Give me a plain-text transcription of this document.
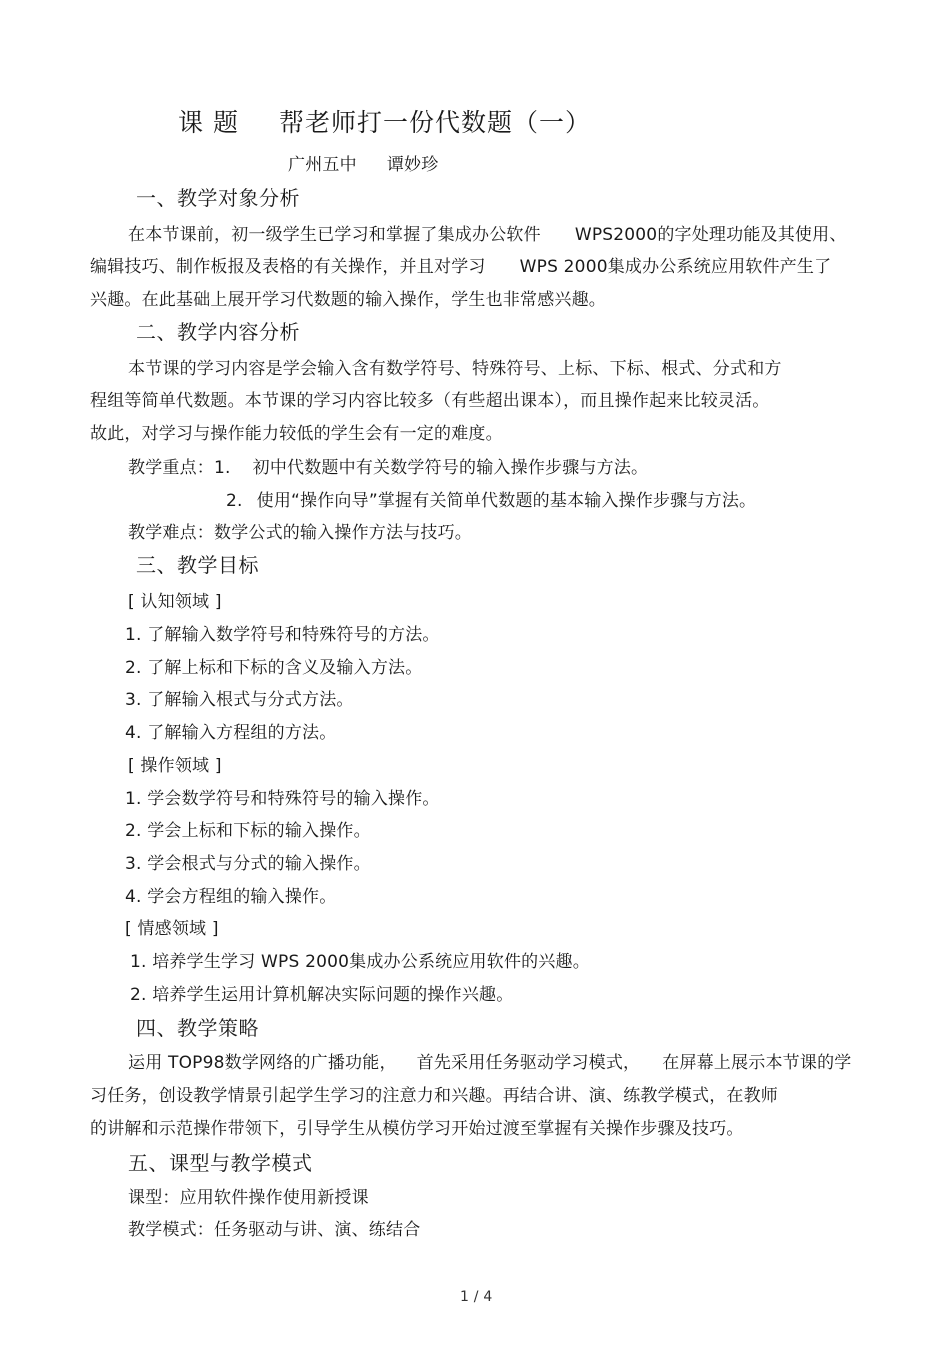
课 题 帮老师打一份代数题（一）
广州五中 谭妙珍
一、教学对象分析
在本节课前，初一级学生已学习和掌握了集成办公软件 WPS2000的字处理功能及其使用、
编辑技巧、制作板报及表格的有关操作，并且对学习 WPS 2000集成办公系统应用软件产生了
兴趣。在此基础上展开学习代数题的输入操作，学生也非常感兴趣。
二、教学内容分析
本节课的学习内容是学会输入含有数学符号、特殊符号、上标、下标、根式、分式和方
程组等简单代数题。本节课的学习内容比较多（有些超出课本），而且操作起来比较灵活。
故此，对学习与操作能力较低的学生会有一定的难度。
教学重点：1. 初中代数题中有关数学符号的输入操作步骤与方法。
2. 使用“操作向导”掌握有关简单代数题的基本输入操作步骤与方法。
教学难点：数学公式的输入操作方法与技巧。
三、教学目标
[ 认知领域 ]
1. 了解输入数学符号和特殊符号的方法。
2. 了解上标和下标的含义及输入方法。
3. 了解输入根式与分式方法。
4. 了解输入方程组的方法。
[ 操作领域 ]
1. 学会数学符号和特殊符号的输入操作。
2. 学会上标和下标的输入操作。
3. 学会根式与分式的输入操作。
4. 学会方程组的输入操作。
[ 情感领域 ]
1. 培养学生学习 WPS 2000集成办公系统应用软件的兴趣。
2. 培养学生运用计算机解决实际问题的操作兴趣。
四、教学策略
运用 TOP98数学网络的广播功能， 首先采用任务驱动学习模式， 在屏幕上展示本节课的学
习任务，创设教学情景引起学生学习的注意力和兴趣。再结合讲、演、练教学模式，在教师
的讲解和示范操作带领下，引导学生从模仿学习开始过渡至掌握有关操作步骤及技巧。
五、课型与教学模式
课型：应用软件操作使用新授课
教学模式：任务驱动与讲、演、练结合
1 / 4
